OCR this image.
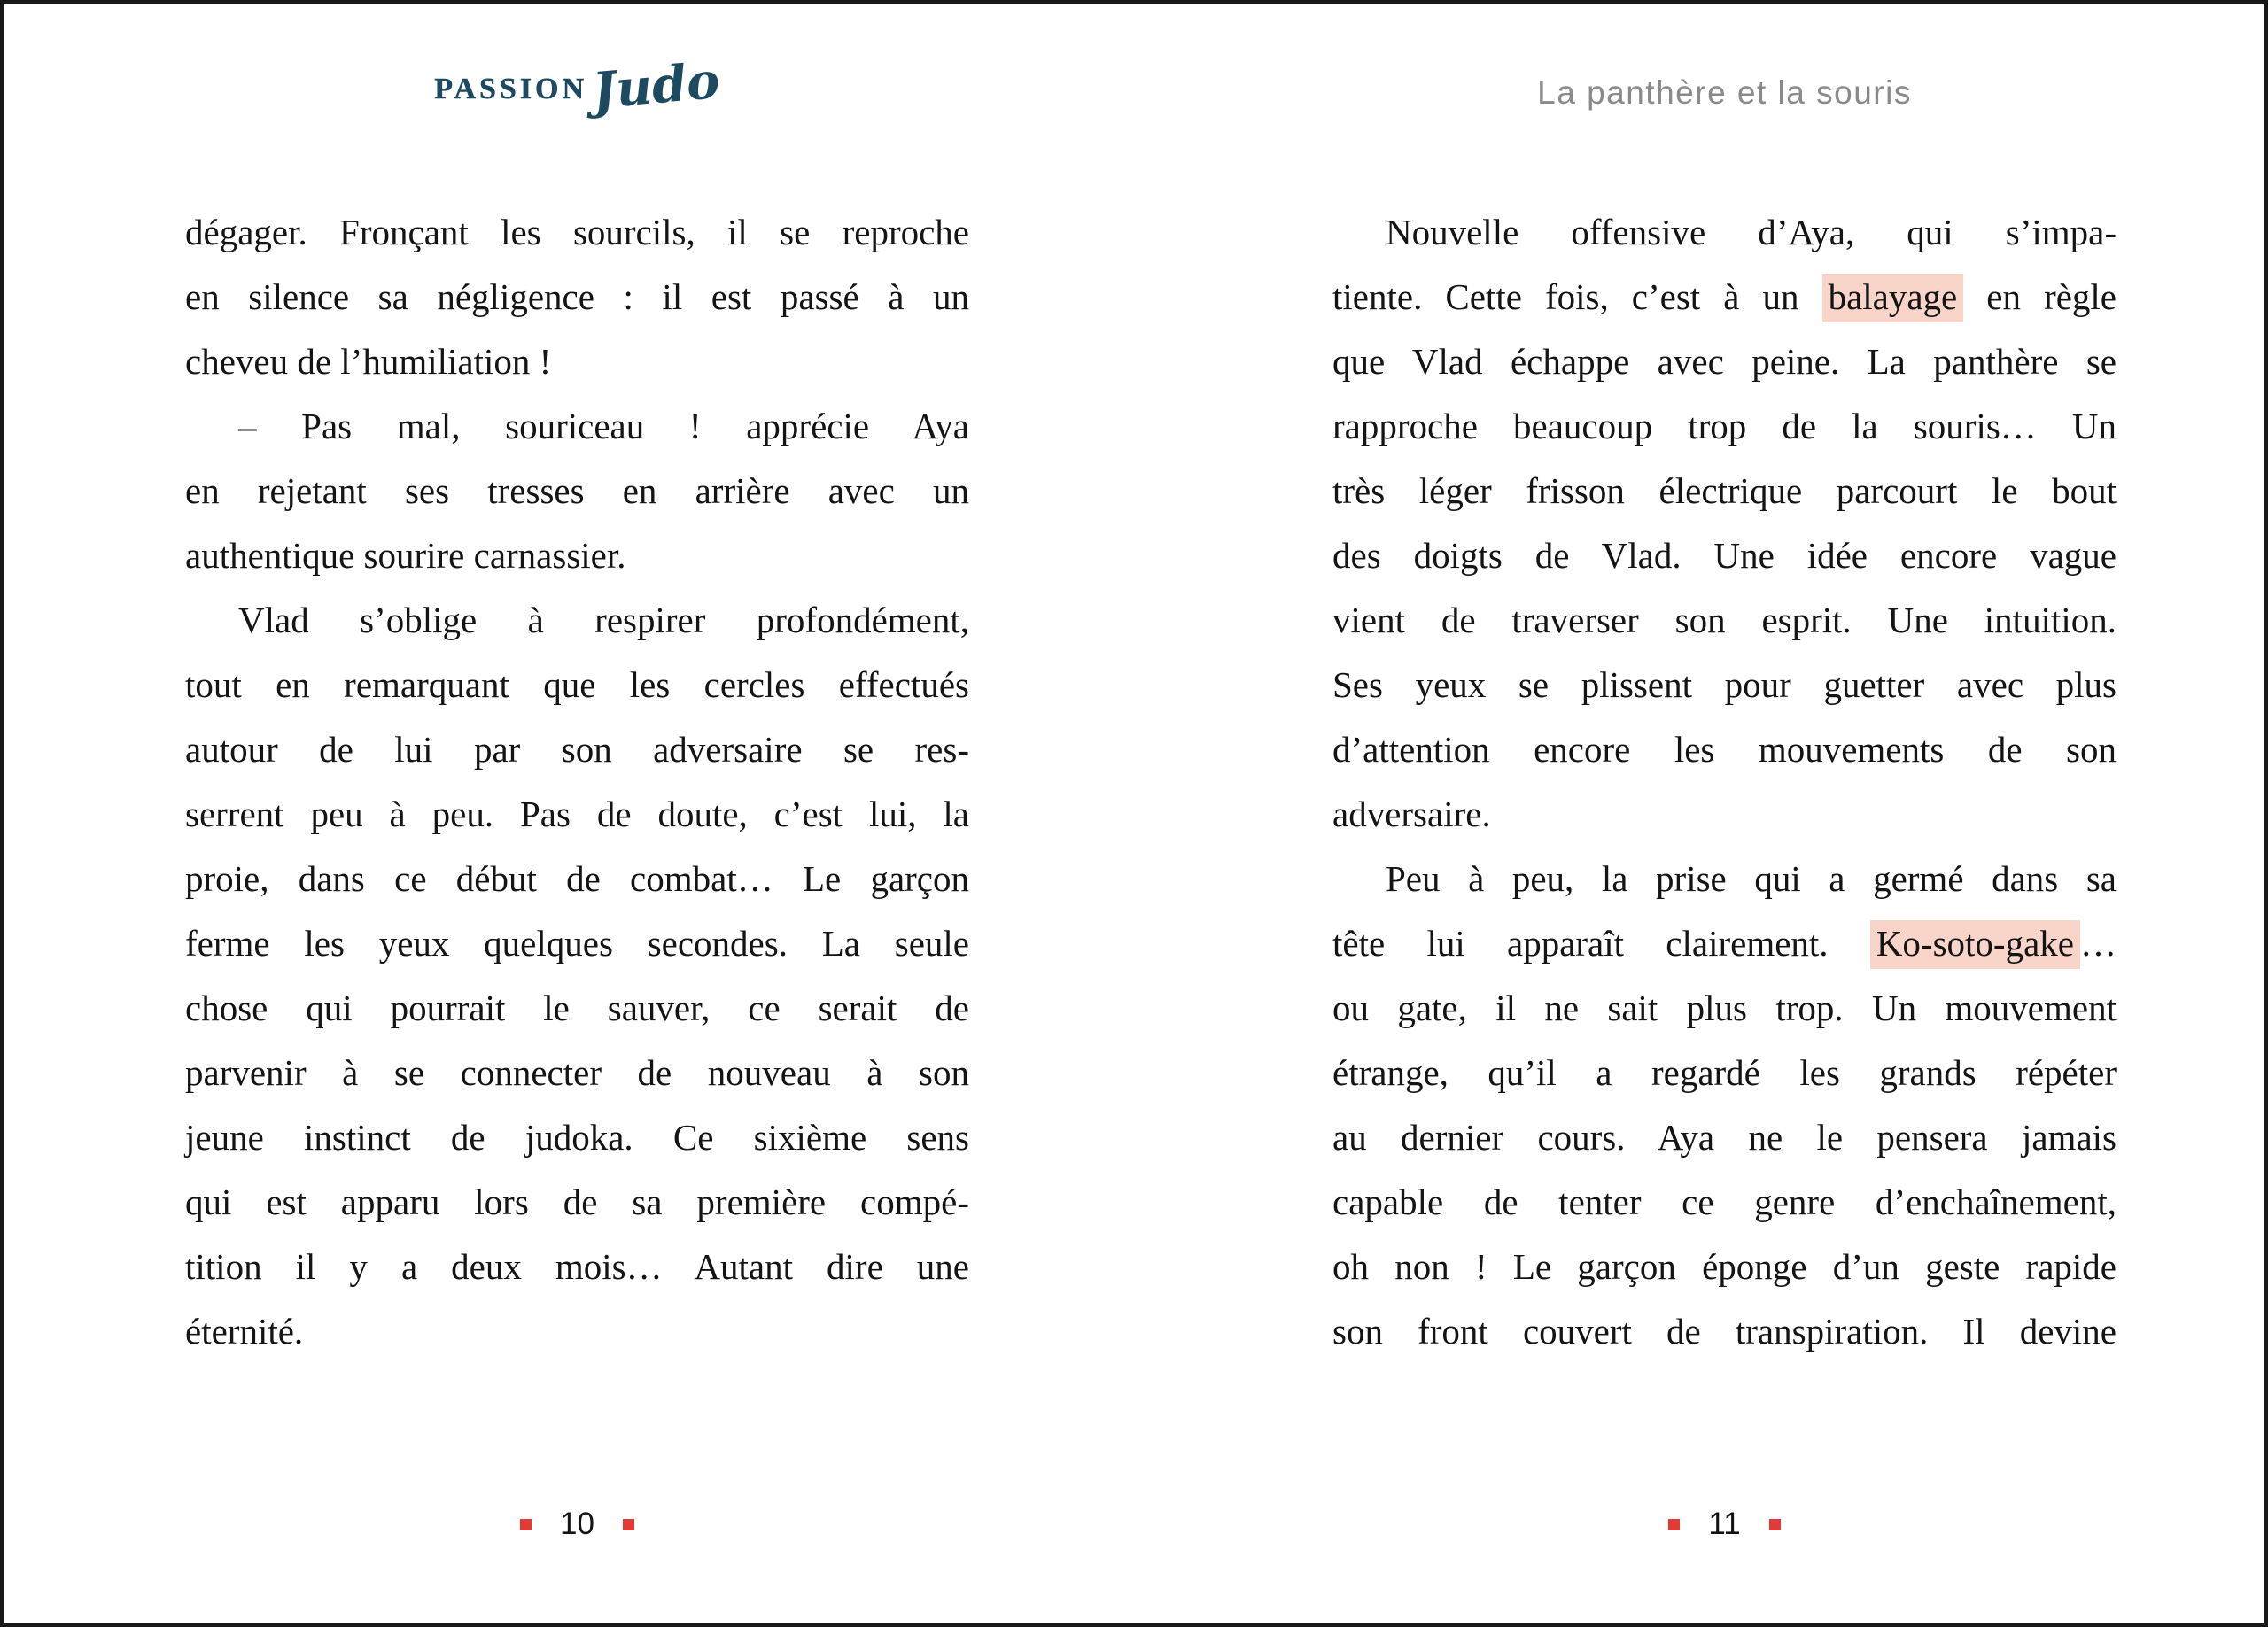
PASSION Judo	La panthère et la souris
dégager. Fronçant les sourcils, il se reproche
en silence sa négligence : il est passé à un
cheveu de l’humiliation !
– Pas mal, souriceau ! apprécie Aya
en rejetant ses tresses en arrière avec un
authentique sourire carnassier.
Vlad s’oblige à respirer profondément,
tout en remarquant que les cercles effectués
autour de lui par son adversaire se res-
serrent peu à peu. Pas de doute, c’est lui, la
proie, dans ce début de combat… Le garçon
ferme les yeux quelques secondes. La seule
chose qui pourrait le sauver, ce serait de
parvenir à se connecter de nouveau à son
jeune instinct de judoka. Ce sixième sens
qui est apparu lors de sa première compé-
tition il y a deux mois… Autant dire une
éternité.
Nouvelle offensive d’Aya, qui s’impa-
tiente. Cette fois, c’est à un balayage en règle
que Vlad échappe avec peine. La panthère se
rapproche beaucoup trop de la souris… Un
très léger frisson électrique parcourt le bout
des doigts de Vlad. Une idée encore vague
vient de traverser son esprit. Une intuition.
Ses yeux se plissent pour guetter avec plus
d’attention encore les mouvements de son
adversaire.
Peu à peu, la prise qui a germé dans sa
tête lui apparaît clairement. Ko-soto-gake …
ou gate, il ne sait plus trop. Un mouvement
étrange, qu’il a regardé les grands répéter
au dernier cours. Aya ne le pensera jamais
capable de tenter ce genre d’enchaînement,
oh non ! Le garçon éponge d’un geste rapide
son front couvert de transpiration. Il devine
10	11
